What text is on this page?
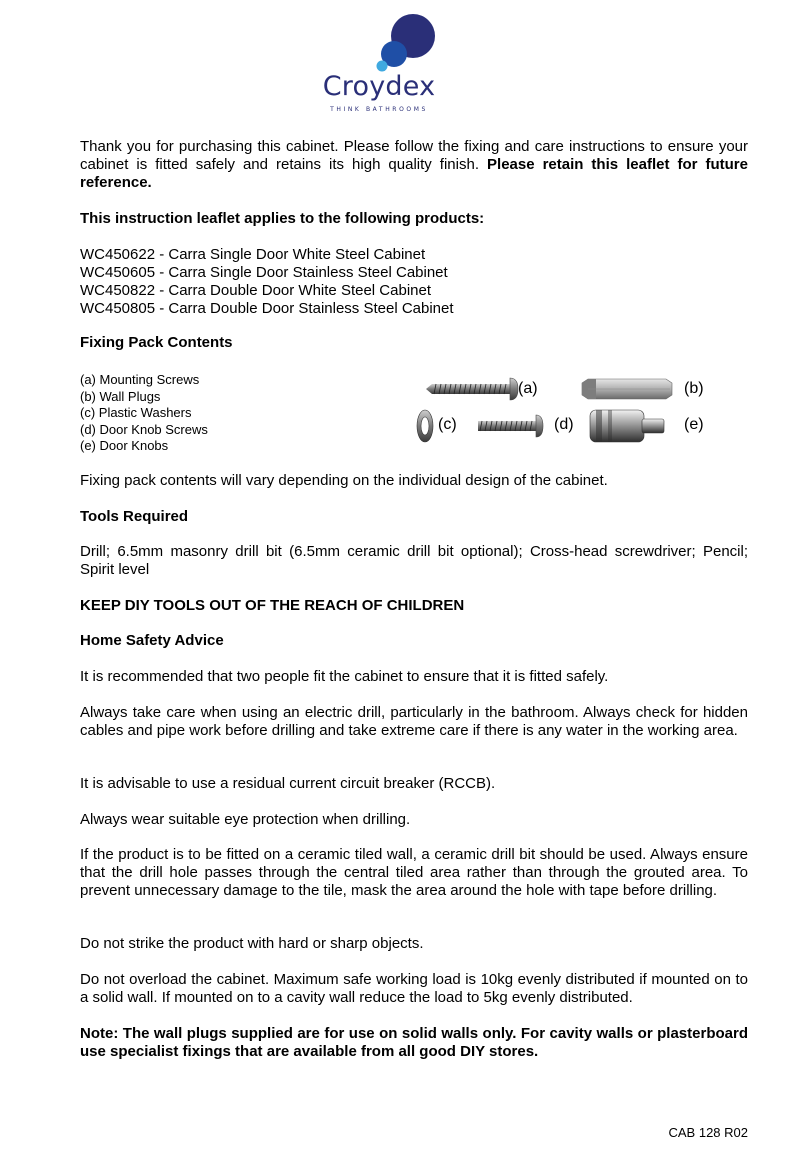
Croydex
THINK BATHROOMS

Thank you for purchasing this cabinet. Please follow the fixing and care instructions to ensure your cabinet is fitted safely and retains its high quality finish. Please retain this leaflet for future reference.

This instruction leaflet applies to the following products:

WC450622 - Carra Single Door White Steel Cabinet
WC450605 - Carra Single Door Stainless Steel Cabinet
WC450822 - Carra Double Door White Steel Cabinet
WC450805 - Carra Double Door Stainless Steel Cabinet

Fixing Pack Contents

(a) Mounting Screws
(b) Wall Plugs
(c) Plastic Washers
(d) Door Knob Screws
(e) Door Knobs
(a)	(b)
(c)	(d)	(e)

Fixing pack contents will vary depending on the individual design of the cabinet.

Tools Required

Drill; 6.5mm masonry drill bit (6.5mm ceramic drill bit optional); Cross-head screwdriver; Pencil; Spirit level

KEEP DIY TOOLS OUT OF THE REACH OF CHILDREN

Home Safety Advice

It is recommended that two people fit the cabinet to ensure that it is fitted safely.

Always take care when using an electric drill, particularly in the bathroom. Always check for hidden cables and pipe work before drilling and take extreme care if there is any water in the working area.

It is advisable to use a residual current circuit breaker (RCCB).

Always wear suitable eye protection when drilling.

If the product is to be fitted on a ceramic tiled wall, a ceramic drill bit should be used. Always ensure that the drill hole passes through the central tiled area rather than through the grouted area. To prevent unnecessary damage to the tile, mask the area around the hole with tape before drilling.

Do not strike the product with hard or sharp objects.

Do not overload the cabinet. Maximum safe working load is 10kg evenly distributed if mounted on to a solid wall. If mounted on to a cavity wall reduce the load to 5kg evenly distributed.

Note: The wall plugs supplied are for use on solid walls only. For cavity walls or plasterboard use specialist fixings that are available from all good DIY stores.

CAB 128 R02
